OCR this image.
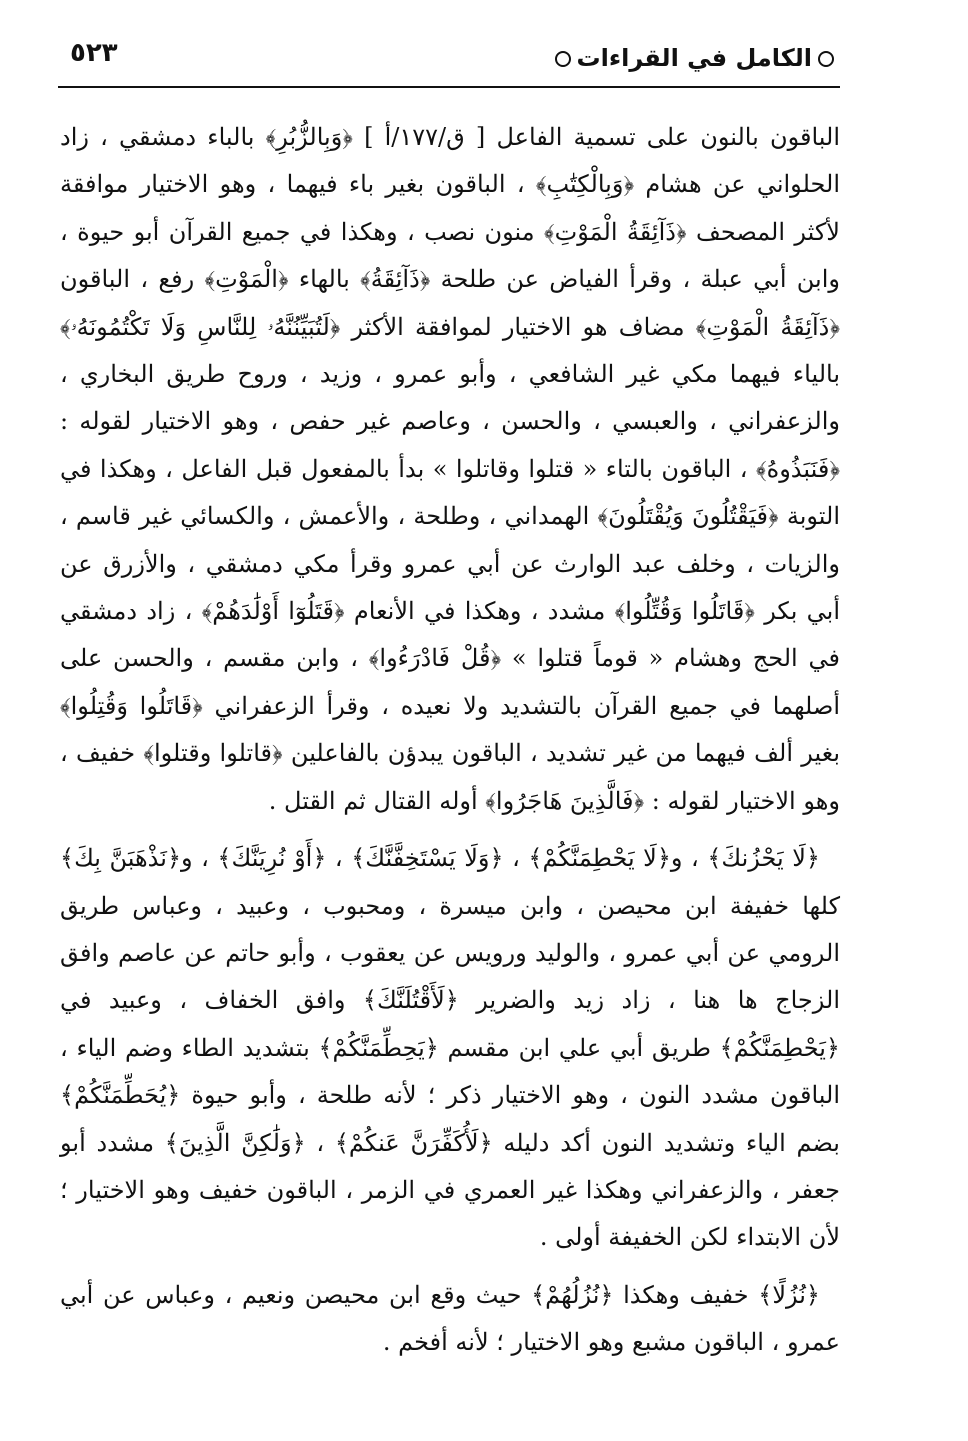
٥٢٣	الكامل في القراءات

الباقون بالنون على تسمية الفاعل [ ق/١٧٧/أ ] ﴿وَبِالزُّبُرِ﴾ بالباء دمشقي ، زاد الحلواني عن هشام ﴿وَبِالْكِتَٰبِ﴾ ، الباقون بغير باء فيهما ، وهو الاختيار موافقة لأكثر المصحف ﴿ذَآئِقَةُ الْمَوْتِ﴾ منون نصب ، وهكذا في جميع القرآن أبو حيوة ، وابن أبي عبلة ، وقرأ الفياض عن طلحة ﴿ذَآئِقَةُ﴾ بالهاء ﴿الْمَوْتِ﴾ رفع ، الباقون ﴿ذَآئِقَةُ الْمَوْتِ﴾ مضاف هو الاختيار لموافقة الأكثر ﴿لَتُبَيِّنُنَّهُۥ لِلنَّاسِ وَلَا تَكْتُمُونَهُۥ﴾ بالياء فيهما مكي غير الشافعي ، وأبو عمرو ، وزيد ، وروح طريق البخاري ، والزعفراني ، والعبسي ، والحسن ، وعاصم غير حفص ، وهو الاختيار لقوله : ﴿فَنَبَذُوهُ﴾ ، الباقون بالتاء « قتلوا وقاتلوا » بدأ بالمفعول قبل الفاعل ، وهكذا في التوبة ﴿فَيَقْتُلُونَ وَيُقْتَلُونَ﴾ الهمداني ، وطلحة ، والأعمش ، والكسائي غير قاسم ، والزيات ، وخلف عبد الوارث عن أبي عمرو وقرأ مكي دمشقي ، والأزرق عن أبي بكر ﴿قَاتَلُوا وَقُتِّلُوا﴾ مشدد ، وهكذا في الأنعام ﴿قَتَلُوٓا أَوْلَٰدَهُمْ﴾ ، زاد دمشقي في الحج وهشام « قوماً قتلوا » ﴿قُلْ فَادْرَءُوا﴾ ، وابن مقسم ، والحسن على أصلهما في جميع القرآن بالتشديد ولا نعيده ، وقرأ الزعفراني ﴿قَاتَلُوا وَقُتِلُوا﴾ بغير ألف فيهما من غير تشديد ، الباقون يبدؤن بالفاعلين ﴿قاتلوا وقتلوا﴾ خفيف ، وهو الاختيار لقوله : ﴿فَالَّذِينَ هَاجَرُوا﴾ أوله القتال ثم القتل .

﴿لَا يَحْزُنكَ﴾ ، و﴿لَا يَحْطِمَنَّكُمْ﴾ ، ﴿وَلَا يَسْتَخِفَّنَّكَ﴾ ، ﴿أَوْ نُرِيَنَّكَ﴾ ، و﴿نَذْهَبَنَّ بِكَ﴾ كلها خفيفة ابن محيصن ، وابن ميسرة ، ومحبوب ، وعبيد ، وعباس طريق الرومي عن أبي عمرو ، والوليد ورويس عن يعقوب ، وأبو حاتم عن عاصم وافق الزجاج ها هنا ، زاد زيد والضرير ﴿لَأَقْتُلَنَّكَ﴾ وافق الخفاف ، وعبيد في ﴿يَحْطِمَنَّكُمْ﴾ طريق أبي علي ابن مقسم ﴿يَحِطِّمَنَّكُمْ﴾ بتشديد الطاء وضم الياء ، الباقون مشدد النون ، وهو الاختيار ذكر ؛ لأنه طلحة ، وأبو حيوة ﴿يُحَطِّمَنَّكُمْ﴾ بضم الياء وتشديد النون أكد دليله ﴿لَأُكَفِّرَنَّ عَنكُمْ﴾ ، ﴿وَلَٰكِنَّ الَّذِينَ﴾ مشدد أبو جعفر ، والزعفراني وهكذا غير العمري في الزمر ، الباقون خفيف وهو الاختيار ؛ لأن الابتداء لكن الخفيفة أولى .

﴿نُزُلًا﴾ خفيف وهكذا ﴿نُزُلُهُمْ﴾ حيث وقع ابن محيصن ونعيم ، وعباس عن أبي عمرو ، الباقون مشبع وهو الاختيار ؛ لأنه أفخم .
